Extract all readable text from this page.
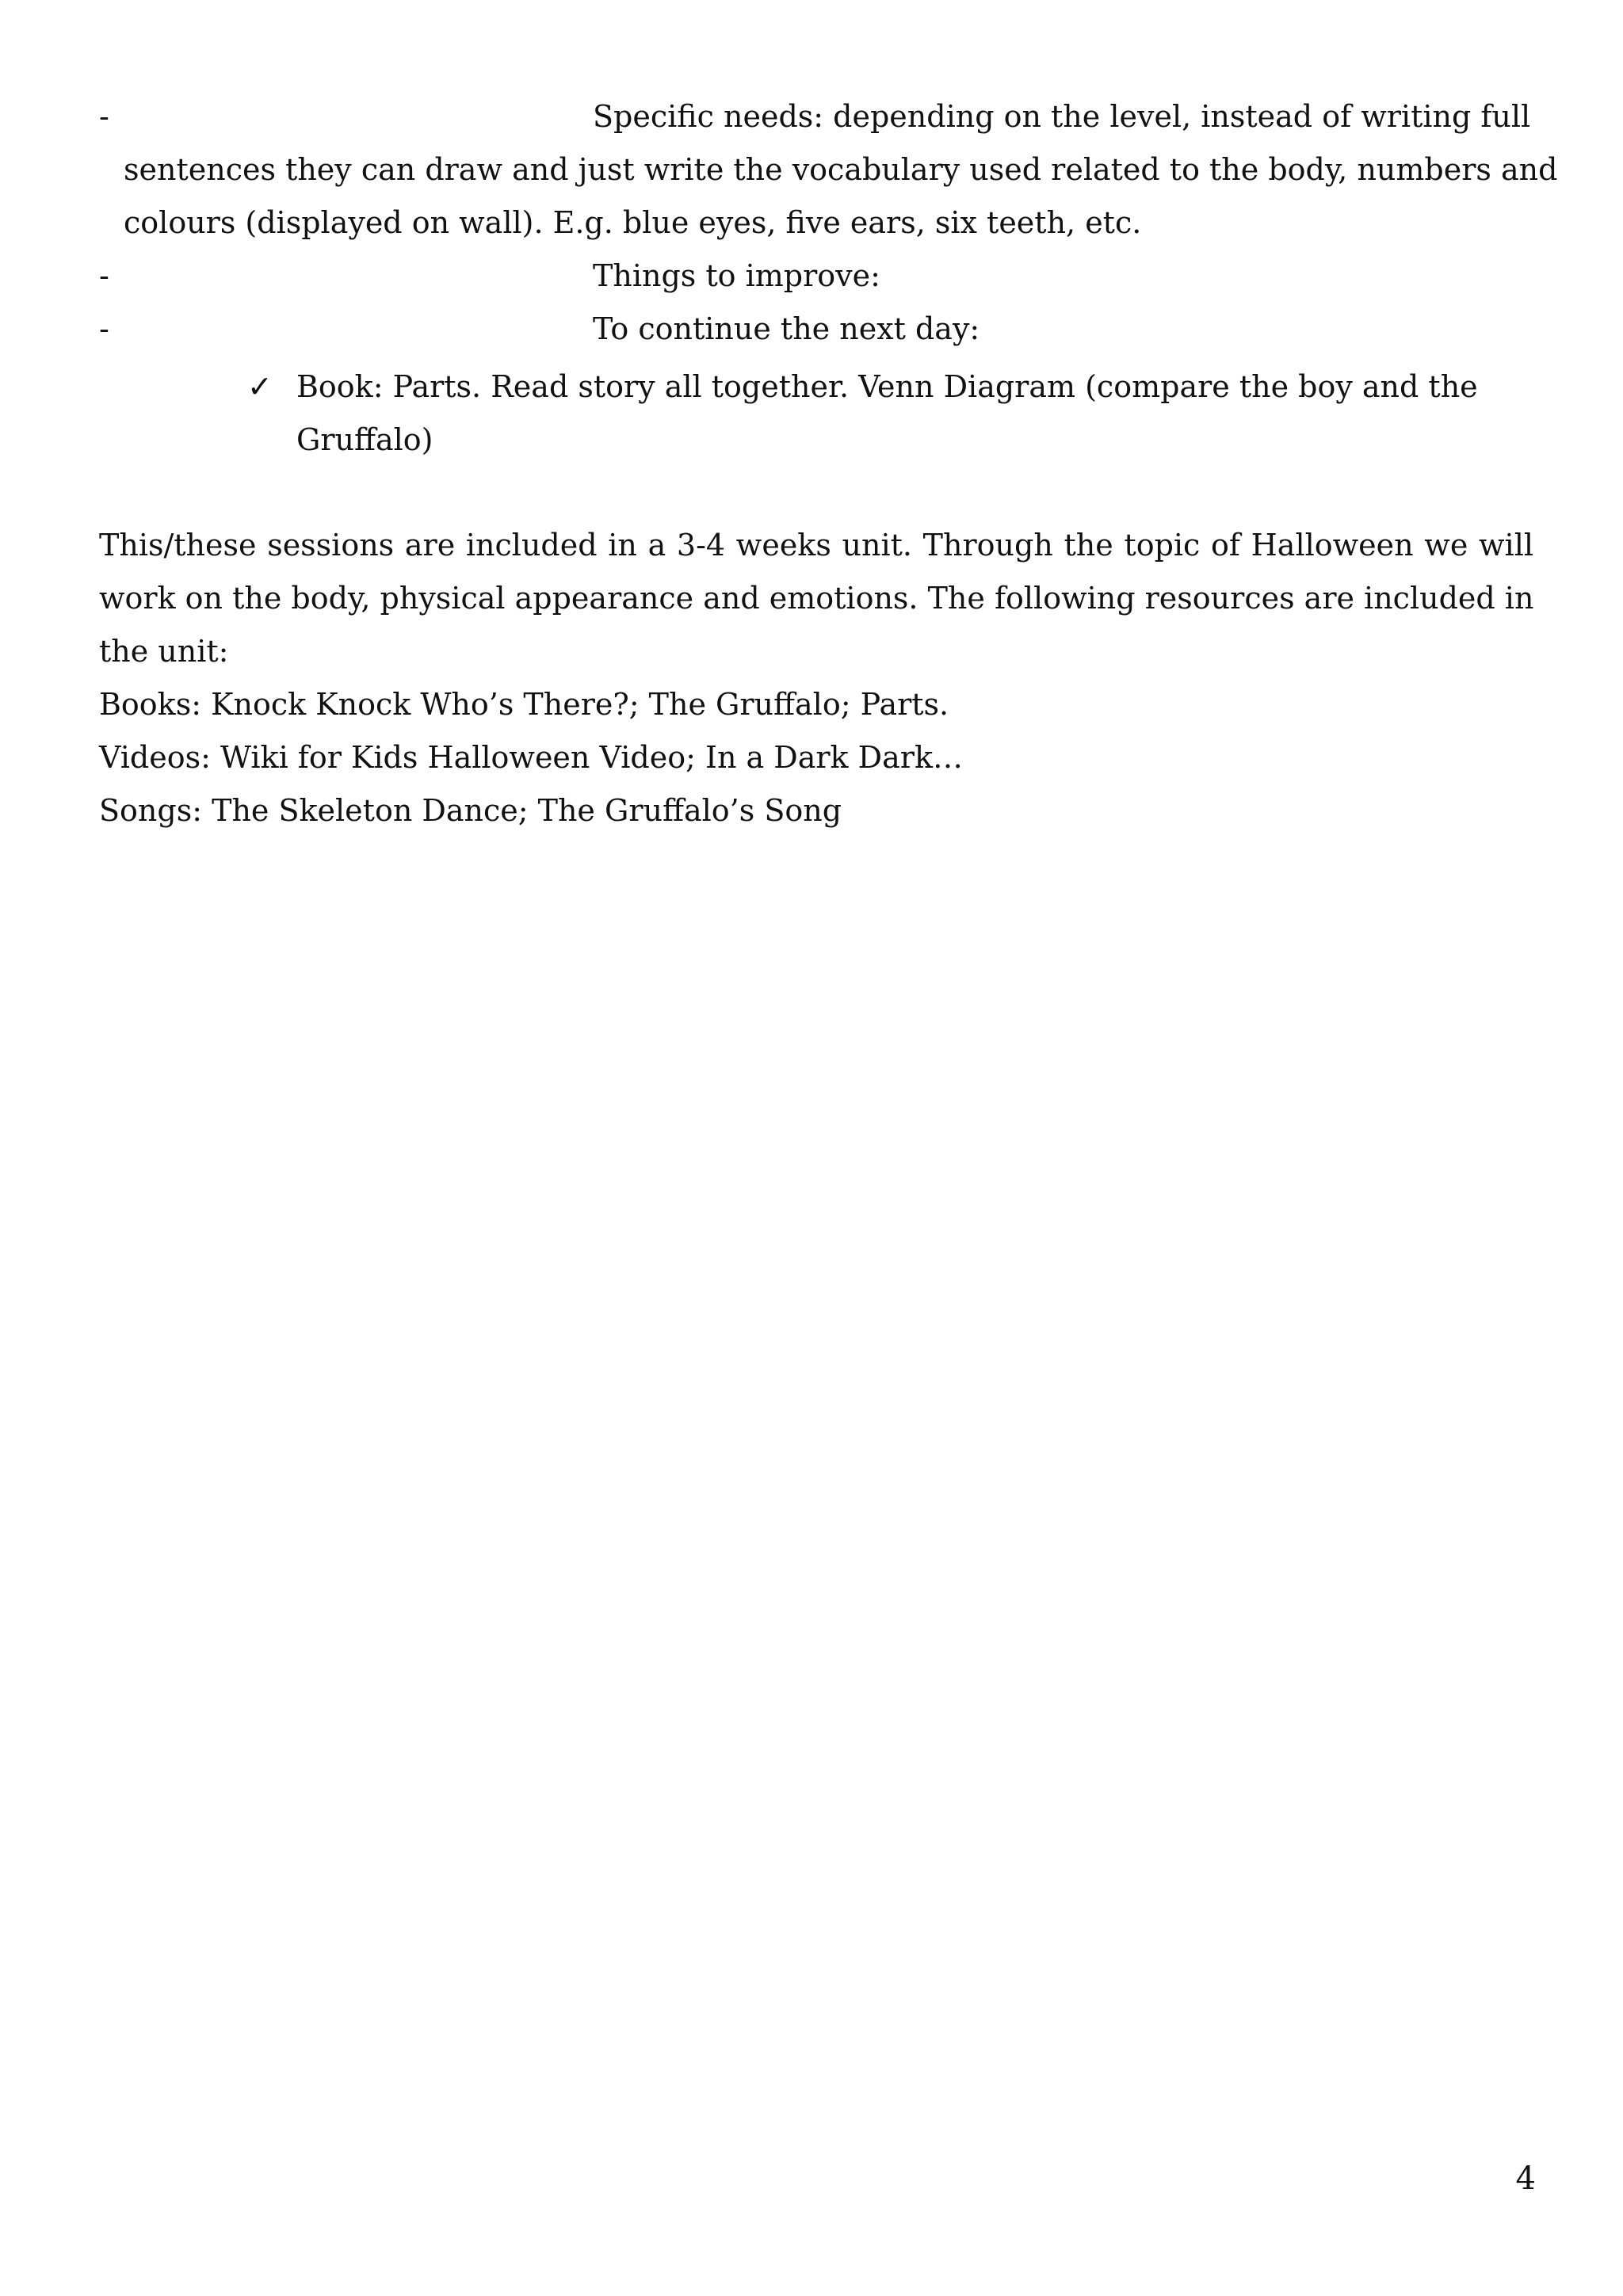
-	Specific needs: depending on the level, instead of writing full
sentences they can draw and just write the vocabulary used related to the body, numbers and
colours (displayed on wall). E.g. blue eyes, five ears, six teeth, etc.
-	Things to improve:
-	To continue the next day:
✓ Book: Parts. Read story all together. Venn Diagram (compare the boy and the
Gruffalo)
This/these sessions are included in a 3-4 weeks unit. Through the topic of Halloween we will
work on the body, physical appearance and emotions. The following resources are included in
the unit:
Books: Knock Knock Who’s There?; The Gruffalo; Parts.
Videos: Wiki for Kids Halloween Video; In a Dark Dark…
Songs: The Skeleton Dance; The Gruffalo’s Song
4
